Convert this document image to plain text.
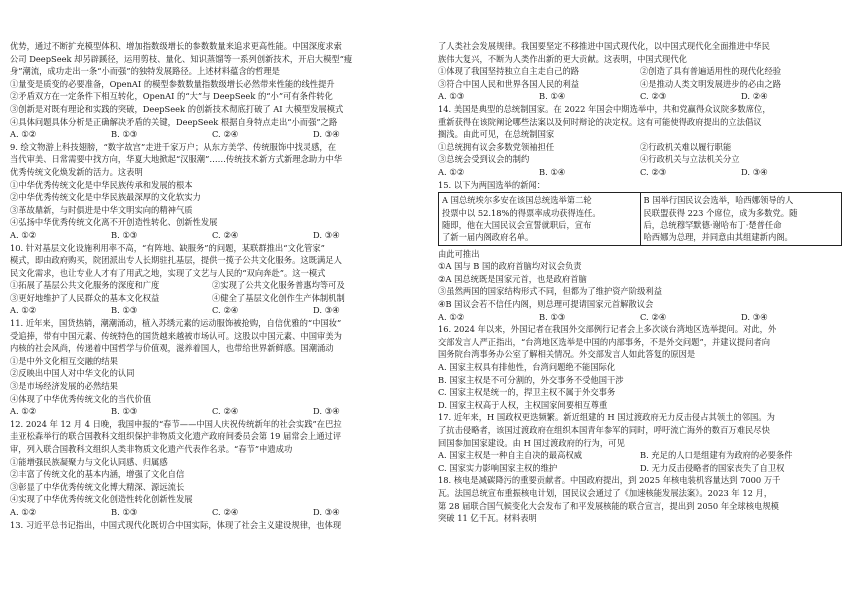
优势，通过不断扩充模型体积、增加指数级增长的参数数量来追求更高性能。中国深度求索
公司 DeepSeek 却另辟蹊径，运用剪枝、量化、知识蒸馏等一系列创新技术，开启大模型“瘦
身”潮流，成功走出一条“小而强”的独特发展路径。上述材料蕴含的哲理是
①量变是质变的必要准备，OpenAI 的模型参数数量指数级增长必然带来性能的线性提升
②矛盾双方在一定条件下相互转化，OpenAI 的“大”与 DeepSeek 的“小”可有条件转化
③创新是对既有理论和实践的突破，DeepSeek 的创新技术彻底打破了 AI 大模型发展模式
④具体问题具体分析是正确解决矛盾的关键，DeepSeek 根据自身特点走出“小而强”之路
A. ①②	B. ①③	C. ②④	D. ③④
9. 绘文物游上科技翅膀，“数字故宫”走进千家万户；从东方美学、传统服饰中找灵感，在
当代审美、日常需要中找方向，华夏大地掀起“汉服潮”……传统技术新方式新理念助力中华
优秀传统文化焕发新的活力。这表明
①中华优秀传统文化是中华民族传承和发展的根本
②中华优秀传统文化是中华民族最深厚的文化软实力
③革故鼎新，与时俱进是中华文明实向的精神气质
④弘扬中华优秀传统文化离不开创造性转化、创新性发展
A. ①②	B. ①③	C. ②④	D. ③④
10. 针对基层文化设施利用率不高，“有阵地、缺服务”的问题，某联群推出“文化管家”
模式，即由政府购买，院团派出专人长期驻扎基层，提供一揽子公共文化服务。这既满足人
民文化需求，也让专业人才有了用武之地，实现了文艺与人民的“双向奔赴”。这一模式
①拓展了基层公共文化服务的深度和广度	②实现了公共文化服务普惠均等可及
③更好地维护了人民群众的基本文化权益	④健全了基层文化创作生产体制机制
A. ①②	B. ①③	C. ②④	D. ③④
11. 近年来，国货热销，潮潮涌动，植入苏绣元素的运动服饰被抢购，自信优雅的“中国妆”
受追捧，带有中国元素、传统特色的国货越来越被市场认可。这股以中国元素、中国审美为
内核的社会风尚，传递着中国哲学与价值观，滋养着国人，也带给世界新鲜感。国潮涌动
①是中外文化相互交融的结果
②反映出中国人对中华文化的认同
③是市场经济发展的必然结果
④体现了中华优秀传统文化的当代价值
A. ①②	B. ①③	C. ②④	D. ③④
12. 2024 年 12 月 4 日晚，我国申报的“春节——中国人庆祝传统新年的社会实践”在巴拉
圭亚松森举行的联合国教科文组织保护非物质文化遗产政府间委员会第 19 届常会上通过评
审，列入联合国教科文组织人类非物质文化遗产代表作名录。“春节”申遗成功
①能增强民族凝聚力与文化认同感、归属感
②丰富了传统文化的基本内涵，增强了文化自信
③彰显了中华优秀传统文化博大精深、源远流长
④实现了中华优秀传统文化创造性转化创新性发展
A. ①②	B. ①③	C. ②④	D. ③④
13. 习近平总书记指出，中国式现代化既切合中国实际，体现了社会主义建设规律，也体现
了人类社会发展规律。我国要坚定不移推进中国式现代化，以中国式现代化全面推进中华民
族伟大复兴，不断为人类作出新的更大贡献。这表明，中国式现代化
①体现了我国坚持独立自主走自己的路	②创造了具有普遍适用性的现代化经验
③符合中国人民和世界各国人民的利益	④是推动人类文明发展进步的必由之路
A. ①③	B. ①④	C. ②③	D. ②④
14. 美国是典型的总统制国家。在 2022 年国会中期选举中，共和党赢得众议院多数席位，
重新获得在该院阐论哪些法案以及何时辩论的决定权。这有可能使得政府提出的立法倡议
搁浅。由此可见，在总统制国家
①总统拥有议会多数党领袖担任	②行政机关难以履行职能
③总统会受到议会的制约	④行政机关与立法机关分立
A. ①②	B. ①④	C. ②③	D. ③④
15. 以下为两国选举的新闻：
A 国总统埃尔多安在该国总统选举第二轮
投票中以 52.18%的得票率成功获得连任。
随即，他在大国民议会宣誓就职后，宣布
了新一届内阁政府名单。

B 国举行国民议会选举，哈西娜领导的人
民联盟获得 223 个席位，成为多数党。随
后，总统穆罕默德·谢哈布丁·楚普任命
哈西娜为总理，并同意由其组建新内阁。
由此可推出
①A 国与 B 国的政府首脑均对议会负责
②A 国总统既是国家元首，也是政府首脑
③虽然两国的国家结构形式不同，但都为了维护资产阶级利益
④B 国议会若不信任内阁，则总理可提请国家元首解散议会
A. ①②	B. ①③	C. ②④	D. ③④
16. 2024 年以来，外国记者在我国外交部例行记者会上多次谈台湾地区选举提问。对此，外
交部发言人严正指出，“台湾地区选举是中国的内部事务，不是外交问题”，并建议提问者向
国务院台湾事务办公室了解相关情况。外交部发言人如此答复的原因是
A. 国家主权具有排他性，台湾问题绝不能国际化
B. 国家主权是不可分割的，外交事务不受他国干涉
C. 国家主权是统一的，捍卫主权不属于外交事务
D. 国家主权高于人权，主权国家间要相互尊重
17. 近年来，H 国政权更迭频繁。新近组建的 H 国过渡政府无力反击侵占其领土的邻国。为
了抗击侵略者，该国过渡政府在组织本国青年参军的同时，呼吁流亡海外的数百万难民尽快
回国参加国家建设。由 H 国过渡政府的行为，可见
A. 国家主权是一种自主自决的最高权威	B. 充足的人口是组建有为政府的必要条件
C. 国家实力影响国家主权的维护	D. 无力反击侵略者的国家丧失了自卫权
18. 核电是减碳降污的重要贡献者。中国政府提出，到 2025 年核电装机容量达到 7000 万千
瓦。法国总统宣布重振核电计划，国民议会通过了《加速核能发展法案》。2023 年 12 月，
第 28 届联合国气候变化大会发布了和平发展核能的联合宣言，提出到 2050 年全球核电规模
突破 11 亿千瓦。材料表明
